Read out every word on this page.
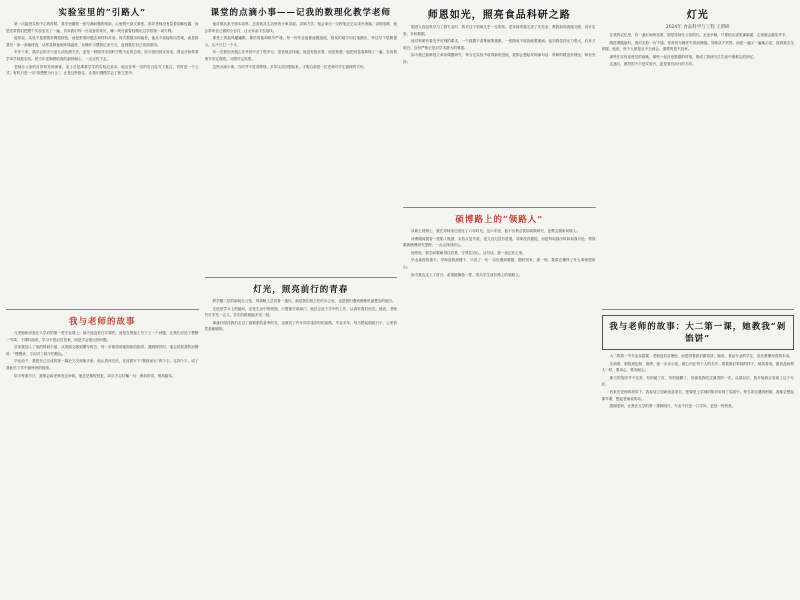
实验室里的“引路人”

第一次踏进实验中心的时候，我手里攥着一张写满问题的纸条，心里既兴奋又紧张。指导老师没有急着讲解仪器，而是先带我们把整个实验室走了一遍，告诉我们每一台设备的来历，哪一块台面曾经做出过学校第一项专利。

他常说，实验不是照着步骤按按钮，而是带着问题去和材料对话。每次数据出现偏差，他从不直接给出答案，而是陪我们一条一条地排查，从样品制备到环境温度，从操作习惯到记录方式，直到我们自己找到原因。

半年下来，我学会的不只是几项检测方法，更是一种面对未知时不慌不乱的态度。如今再回到实验室，我也开始带着学弟学妹做实验，把当年老师教给我的那份耐心，一点点传下去。

老师办公室的灯常常亮到深夜，桌上总是堆着学生的实验记录本。他会在每一页的空白处写下批注，有时是一个公式，有时只是一句“再想想为什么”。正是这些批注，让我们慢慢学会了独立思考。

我与老师的故事

与老师相识是在入学后的第一堂专业课上。那天他没有打开课件，而是在黑板上写下了一个问题，让我们讨论了整整一节课。下课时他说，学习不是记住答案，而是学会提出好问题。

后来我加入了他的科研小组，从查阅文献到撰写报告，每一步都得到他细致的指导。遇到挫折时，他会拍拍我的肩膀说：“慢慢来，方向对了就不怕路远。”

毕业前夕，我把自己完成的第一篇论文交到他手里，他认真读完后，在封面写下“继续前行”四个字。这四个字，成了我此后工作中最珍贵的鼓励。

如今每逢节日，我都会给老师发去问候。他总是简短回复，却从不忘叮嘱一句：保持好奇，保持踏实。

课堂的点滴小事——记我的数理化教学老师

他讲课从来不照本宣科，总喜欢从生活里的小事讲起。讲到力学，他会拿出一支粉笔让它从讲台滚落；讲到电路，他会带来自己做的小台灯，让大家亲手去接线。

课堂上的他风趣幽默，课后的他却格外严谨。每一份作业他都逐题批改，错误的地方用红笔圈出，旁边写下思路提示，从不只打一个叉。

有一次我因为粗心在考试中丢了很多分，沮丧地去找他。他没有批评我，而是和我一起把试卷重新做了一遍，告诉我细节决定成败，习惯决定高度。

这些点滴小事，当时并不觉得特别，多年以后回想起来，才明白那是一位老师对学生最深的关怀。

灯光，照亮前行的青春

教学楼三层的那间办公室，每到晚上总亮着一盏灯。那是我们班主任的办公室，也是我们遇到困难时最想去的地方。

无论是学习上的疑问，还是生活中的烦恼，只要推开那扇门，他总会放下手中的工作，认真听我们说完。他说，老师的灯多亮一会儿，学生的路就能多亮一段。

那盏灯陪伴我们走过了最紧张的备考时光，也照亮了许多同学迷茫时的前路。毕业多年，每当想起那段日子，心里依然是暖暖的。

师恩如光，照亮食品科研之路

刚进入食品科学与工程专业时，我对这个领域几乎一无所知。是导师带我走进了实验室，教我如何查阅文献、设计实验、分析数据。

他对科研有着近乎苛刻的要求，一个数据不清楚就要重做，一张图表不规范就要重画。起初我觉得压力很大，后来才明白，这份严格正是对学术最大的尊重。

如今我已能够独立承担课题研究，每当在实验中取得新的进展，我都会想起导师那句话：科研的路没有捷径，唯有坚持。

硕博路上的“领路人”

从硕士到博士，我在导师身边度过了六年时光。这六年里，他不仅教会我如何做研究，更教会我如何做人。

读博期间我曾一度陷入瓶颈，实验反复失败，论文迟迟没有进展。导师没有催促，而是每周抽出时间和我讨论，帮我重新梳理研究思路，一点点找回信心。

他常说，做学问要耐得住寂寞，守得住初心。这句话，我一直记在心里。

毕业离校的那天，导师送我到楼下，只说了一句：以后遇到难题，随时回来。那一刻，我真正懂得了什么叫师恩如山。

如今我也走上了讲台，希望能像他一样，成为学生成长路上的领路人。

灯光
2024年 食品科学与工程 王碧研

在我的记忆里，有一盏灯始终亮着，那是导师办公室的灯。无论多晚，只要抬头望见那扇窗，心里就会踏实许多。

刚进课题组时，我对实验一窍不通，常常因为操作失误而懊恼。导师从不责怪，而是一遍又一遍地示范，直到我完全掌握。他说，每个人都是从不会到会，重要的是不放弃。

那些在实验室度过的夜晚，那些一起讨论数据的时刻，都成了我研究生生涯中最难忘的回忆。

这盏灯，照亮的不只是实验台，更是我们前行的方向。

我与老师的故事：大二第一课，她教我“剁馅饼”

大二的第一节专业实践课，老师没有讲理论，而是带着我们做馅饼。她说，食品专业的学生，首先要懂得食物本身。

从和面、剁馅到包制、烙烤，她一步步示范，耐心纠正每个人的手法。看着我们笨拙的样子，她笑着说，做食品和做人一样，要用心，要有耐心。

那天的馅饼并不完美，有的破了皮，有的烙糊了，但那是我吃过最香的一次。从那以后，我开始真正喜欢上这个专业。

后来在老师的指导下，我参加了创新创业项目，把课堂上学到的知识用到了实践中。每当项目遇到困难，我都会想起那节课，想起老师说的话。

感谢老师，让我在大学的第一课就明白，专业不仅是一门学问，更是一份热爱。
